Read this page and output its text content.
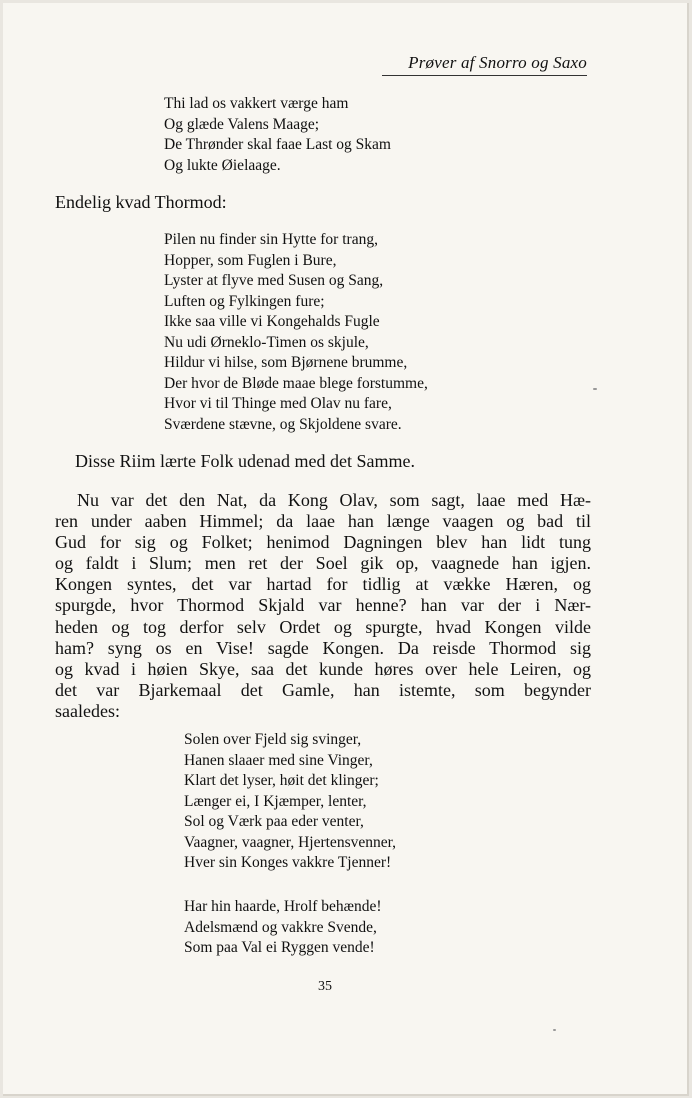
Prøver af Snorro og Saxo
Thi lad os vakkert værge ham
Og glæde Valens Maage;
De Thrønder skal faae Last og Skam
Og lukte Øielaage.
Endelig kvad Thormod:
Pilen nu finder sin Hytte for trang,
Hopper, som Fuglen i Bure,
Lyster at flyve med Susen og Sang,
Luften og Fylkingen fure;
Ikke saa ville vi Kongehalds Fugle
Nu udi Ørneklo-Timen os skjule,
Hildur vi hilse, som Bjørnene brumme,
Der hvor de Bløde maae blege forstumme,
Hvor vi til Thinge med Olav nu fare,
Sværdene stævne, og Skjoldene svare.
Disse Riim lærte Folk udenad med det Samme.
Nu var det den Nat, da Kong Olav, som sagt, laae med Hæ-
ren under aaben Himmel; da laae han længe vaagen og bad til
Gud for sig og Folket; henimod Dagningen blev han lidt tung
og faldt i Slum; men ret der Soel gik op, vaagnede han igjen.
Kongen syntes, det var hartad for tidlig at vække Hæren, og
spurgde, hvor Thormod Skjald var henne? han var der i Nær-
heden og tog derfor selv Ordet og spurgte, hvad Kongen vilde
ham? syng os en Vise! sagde Kongen. Da reisde Thormod sig
og kvad i høien Skye, saa det kunde høres over hele Leiren, og
det var Bjarkemaal det Gamle, han istemte, som begynder
saaledes:
Solen over Fjeld sig svinger,
Hanen slaaer med sine Vinger,
Klart det lyser, høit det klinger;
Længer ei, I Kjæmper, lenter,
Sol og Værk paa eder venter,
Vaagner, vaagner, Hjertensvenner,
Hver sin Konges vakkre Tjenner!
Har hin haarde, Hrolf behænde!
Adelsmænd og vakkre Svende,
Som paa Val ei Ryggen vende!
35
